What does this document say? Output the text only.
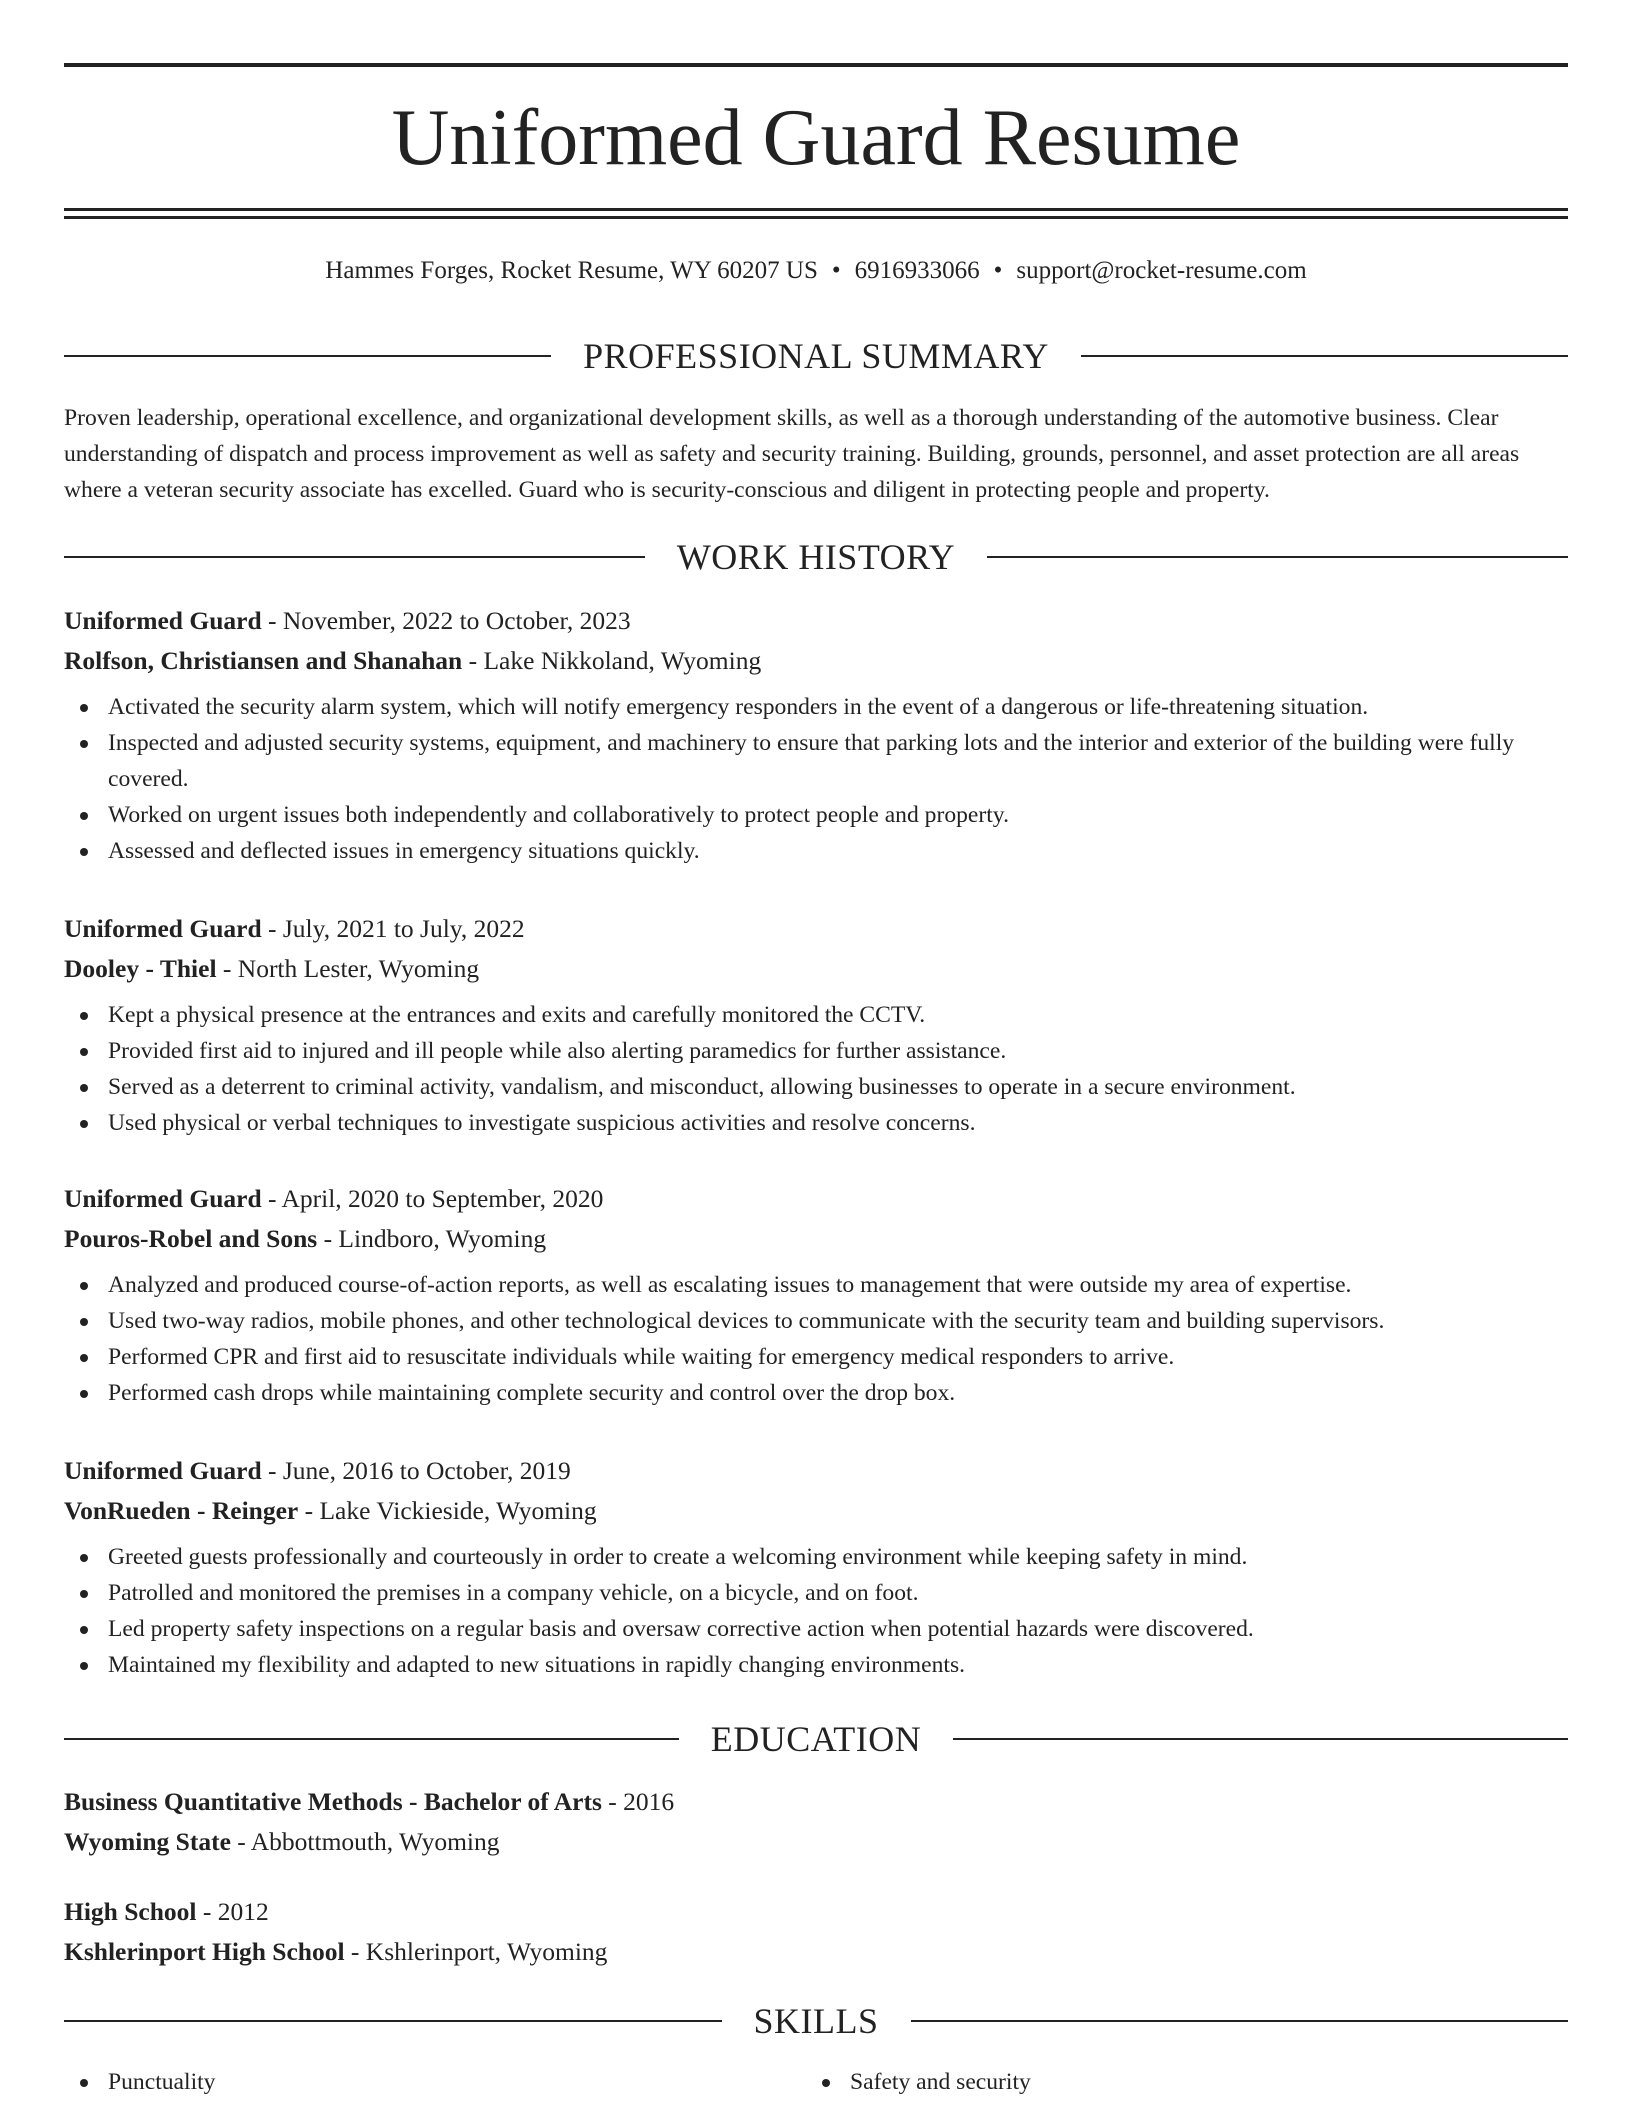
Uniformed Guard Resume
Hammes Forges, Rocket Resume, WY 60207 US • 6916933066 • support@rocket-resume.com
PROFESSIONAL SUMMARY

Proven leadership, operational excellence, and organizational development skills, as well as a thorough understanding of the automotive business. Clear understanding of dispatch and process improvement as well as safety and security training. Building, grounds, personnel, and asset protection are all areas where a veteran security associate has excelled. Guard who is security-conscious and diligent in protecting people and property.

WORK HISTORY
Uniformed Guard - November, 2022 to October, 2023
Rolfson, Christiansen and Shanahan - Lake Nikkoland, Wyoming
Activated the security alarm system, which will notify emergency responders in the event of a dangerous or life-threatening situation.
Inspected and adjusted security systems, equipment, and machinery to ensure that parking lots and the interior and exterior of the building were fully covered.
Worked on urgent issues both independently and collaboratively to protect people and property.
Assessed and deflected issues in emergency situations quickly.
Uniformed Guard - July, 2021 to July, 2022
Dooley - Thiel - North Lester, Wyoming
Kept a physical presence at the entrances and exits and carefully monitored the CCTV.
Provided first aid to injured and ill people while also alerting paramedics for further assistance.
Served as a deterrent to criminal activity, vandalism, and misconduct, allowing businesses to operate in a secure environment.
Used physical or verbal techniques to investigate suspicious activities and resolve concerns.
Uniformed Guard - April, 2020 to September, 2020
Pouros-Robel and Sons - Lindboro, Wyoming
Analyzed and produced course-of-action reports, as well as escalating issues to management that were outside my area of expertise.
Used two-way radios, mobile phones, and other technological devices to communicate with the security team and building supervisors.
Performed CPR and first aid to resuscitate individuals while waiting for emergency medical responders to arrive.
Performed cash drops while maintaining complete security and control over the drop box.
Uniformed Guard - June, 2016 to October, 2019
VonRueden - Reinger - Lake Vickieside, Wyoming
Greeted guests professionally and courteously in order to create a welcoming environment while keeping safety in mind.
Patrolled and monitored the premises in a company vehicle, on a bicycle, and on foot.
Led property safety inspections on a regular basis and oversaw corrective action when potential hazards were discovered.
Maintained my flexibility and adapted to new situations in rapidly changing environments.
EDUCATION
Business Quantitative Methods - Bachelor of Arts - 2016
Wyoming State - Abbottmouth, Wyoming
High School - 2012
Kshlerinport High School - Kshlerinport, Wyoming
SKILLS
Punctuality	Safety and security
